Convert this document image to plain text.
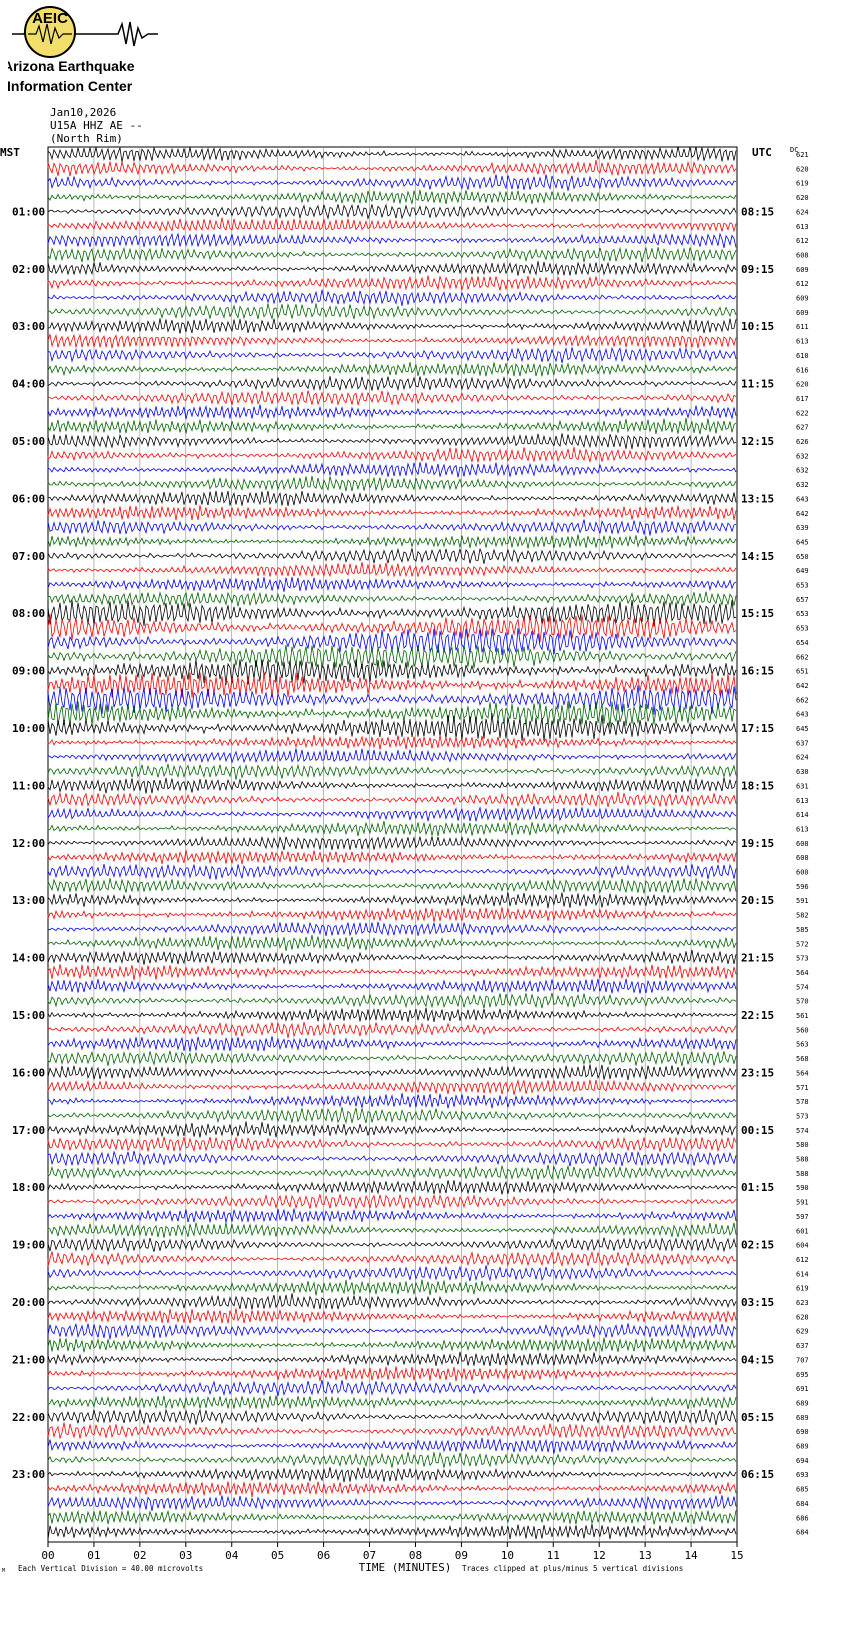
AEIC
Arizona Earthquake
Information Center
Jan10,2026
U15A HHZ AE --
(North Rim)
MST	UTC	DC
621
620
619
620
624
613
612
608
609
612
609
609
611
613
610
616
620
617
622
627
626
632
632
632
643
642
639
645
650
649
653
657
653
653
654
662
651
642
662
643
645
637
624
630
631
613
614
613
608
608
600
596
591
582
585
572
573
564
574
570
561
560
563
568
564
571
578
573
574
580
588
588
590
591
597
601
604
612
614
619
623
628
629
637
707
695
691
689
689
690
689
694
693
685
684
686
684
01:00	08:15
02:00	09:15
03:00	10:15
04:00	11:15
05:00	12:15
06:00	13:15
07:00	14:15
08:00	15:15
09:00	16:15
10:00	17:15
11:00	18:15
12:00	19:15
13:00	20:15
14:00	21:15
15:00	22:15
16:00	23:15
17:00	00:15
18:00	01:15
19:00	02:15
20:00	03:15
21:00	04:15
22:00	05:15
23:00	06:15
00	01	02	03	04	05	06	07	08	09	10	11	12	13	14	15
TIME (MINUTES)
Each Vertical Division = 40.00 microvolts	Traces clipped at plus/minus 5 vertical divisions
M
